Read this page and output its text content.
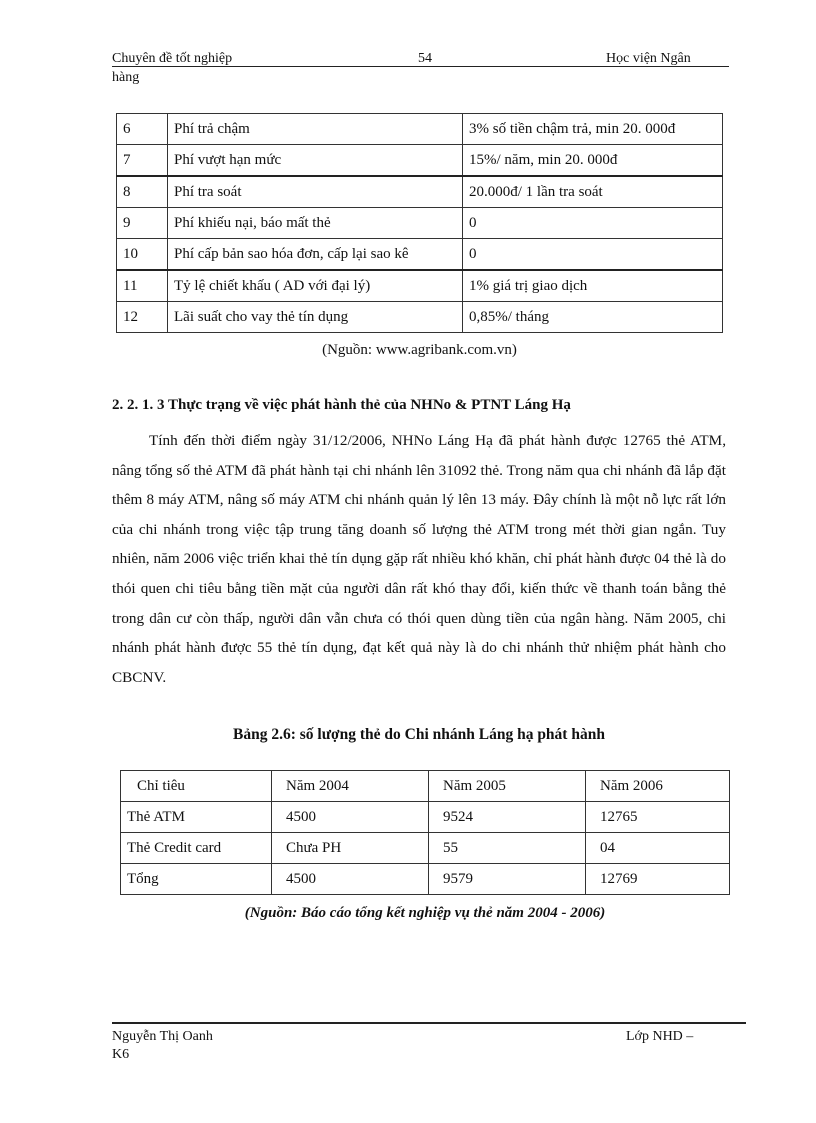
Chuyên đề tốt nghiệp	54	Học viện Ngân
hàng
6	Phí trả chậm	3% số tiền chậm trả, min 20. 000đ
7	Phí vượt hạn mức	15%/ năm, min 20. 000đ
8	Phí tra soát	20.000đ/ 1 lần tra soát
9	Phí khiếu nại, báo mất thẻ	0
10	Phí cấp bản sao hóa đơn, cấp lại sao kê	0
11	Tỷ lệ chiết khấu ( AD với đại lý)	1% giá trị giao dịch
12	Lãi suất cho vay thẻ tín dụng	0,85%/ tháng
(Nguồn: www.agribank.com.vn)
2. 2. 1. 3 Thực trạng về việc phát hành thẻ của NHNo & PTNT Láng Hạ

Tính đến thời điểm ngày 31/12/2006, NHNo Láng Hạ đã phát hành được 12765 thẻ ATM, nâng tổng số thẻ ATM đã phát hành tại chi nhánh lên 31092 thẻ. Trong năm qua chi nhánh đã lắp đặt thêm 8 máy ATM, nâng số máy ATM chi nhánh quản lý lên 13 máy. Đây chính là một nỗ lực rất lớn của chi nhánh trong việc tập trung tăng doanh số lượng thẻ ATM trong mét thời gian ngắn. Tuy nhiên, năm 2006 việc triển khai thẻ tín dụng gặp rất nhiều khó khăn, chỉ phát hành được 04 thẻ là do thói quen chi tiêu bằng tiền mặt của người dân rất khó thay đổi, kiến thức về thanh toán bằng thẻ trong dân cư còn thấp, người dân vẫn chưa có thói quen dùng tiền của ngân hàng. Năm 2005, chi nhánh phát hành được 55 thẻ tín dụng, đạt kết quả này là do chi nhánh thử nhiệm phát hành cho CBCNV.

Bảng 2.6: số lượng thẻ do Chi nhánh Láng hạ phát hành
Chỉ tiêu	Năm 2004	Năm 2005	Năm 2006
Thẻ ATM	4500	9524	12765
Thẻ Credit card	Chưa PH	55	04
Tổng	4500	9579	12769
(Nguồn: Báo cáo tổng kết nghiệp vụ thẻ năm 2004 - 2006)
Nguyễn Thị Oanh	Lớp NHD –
K6
